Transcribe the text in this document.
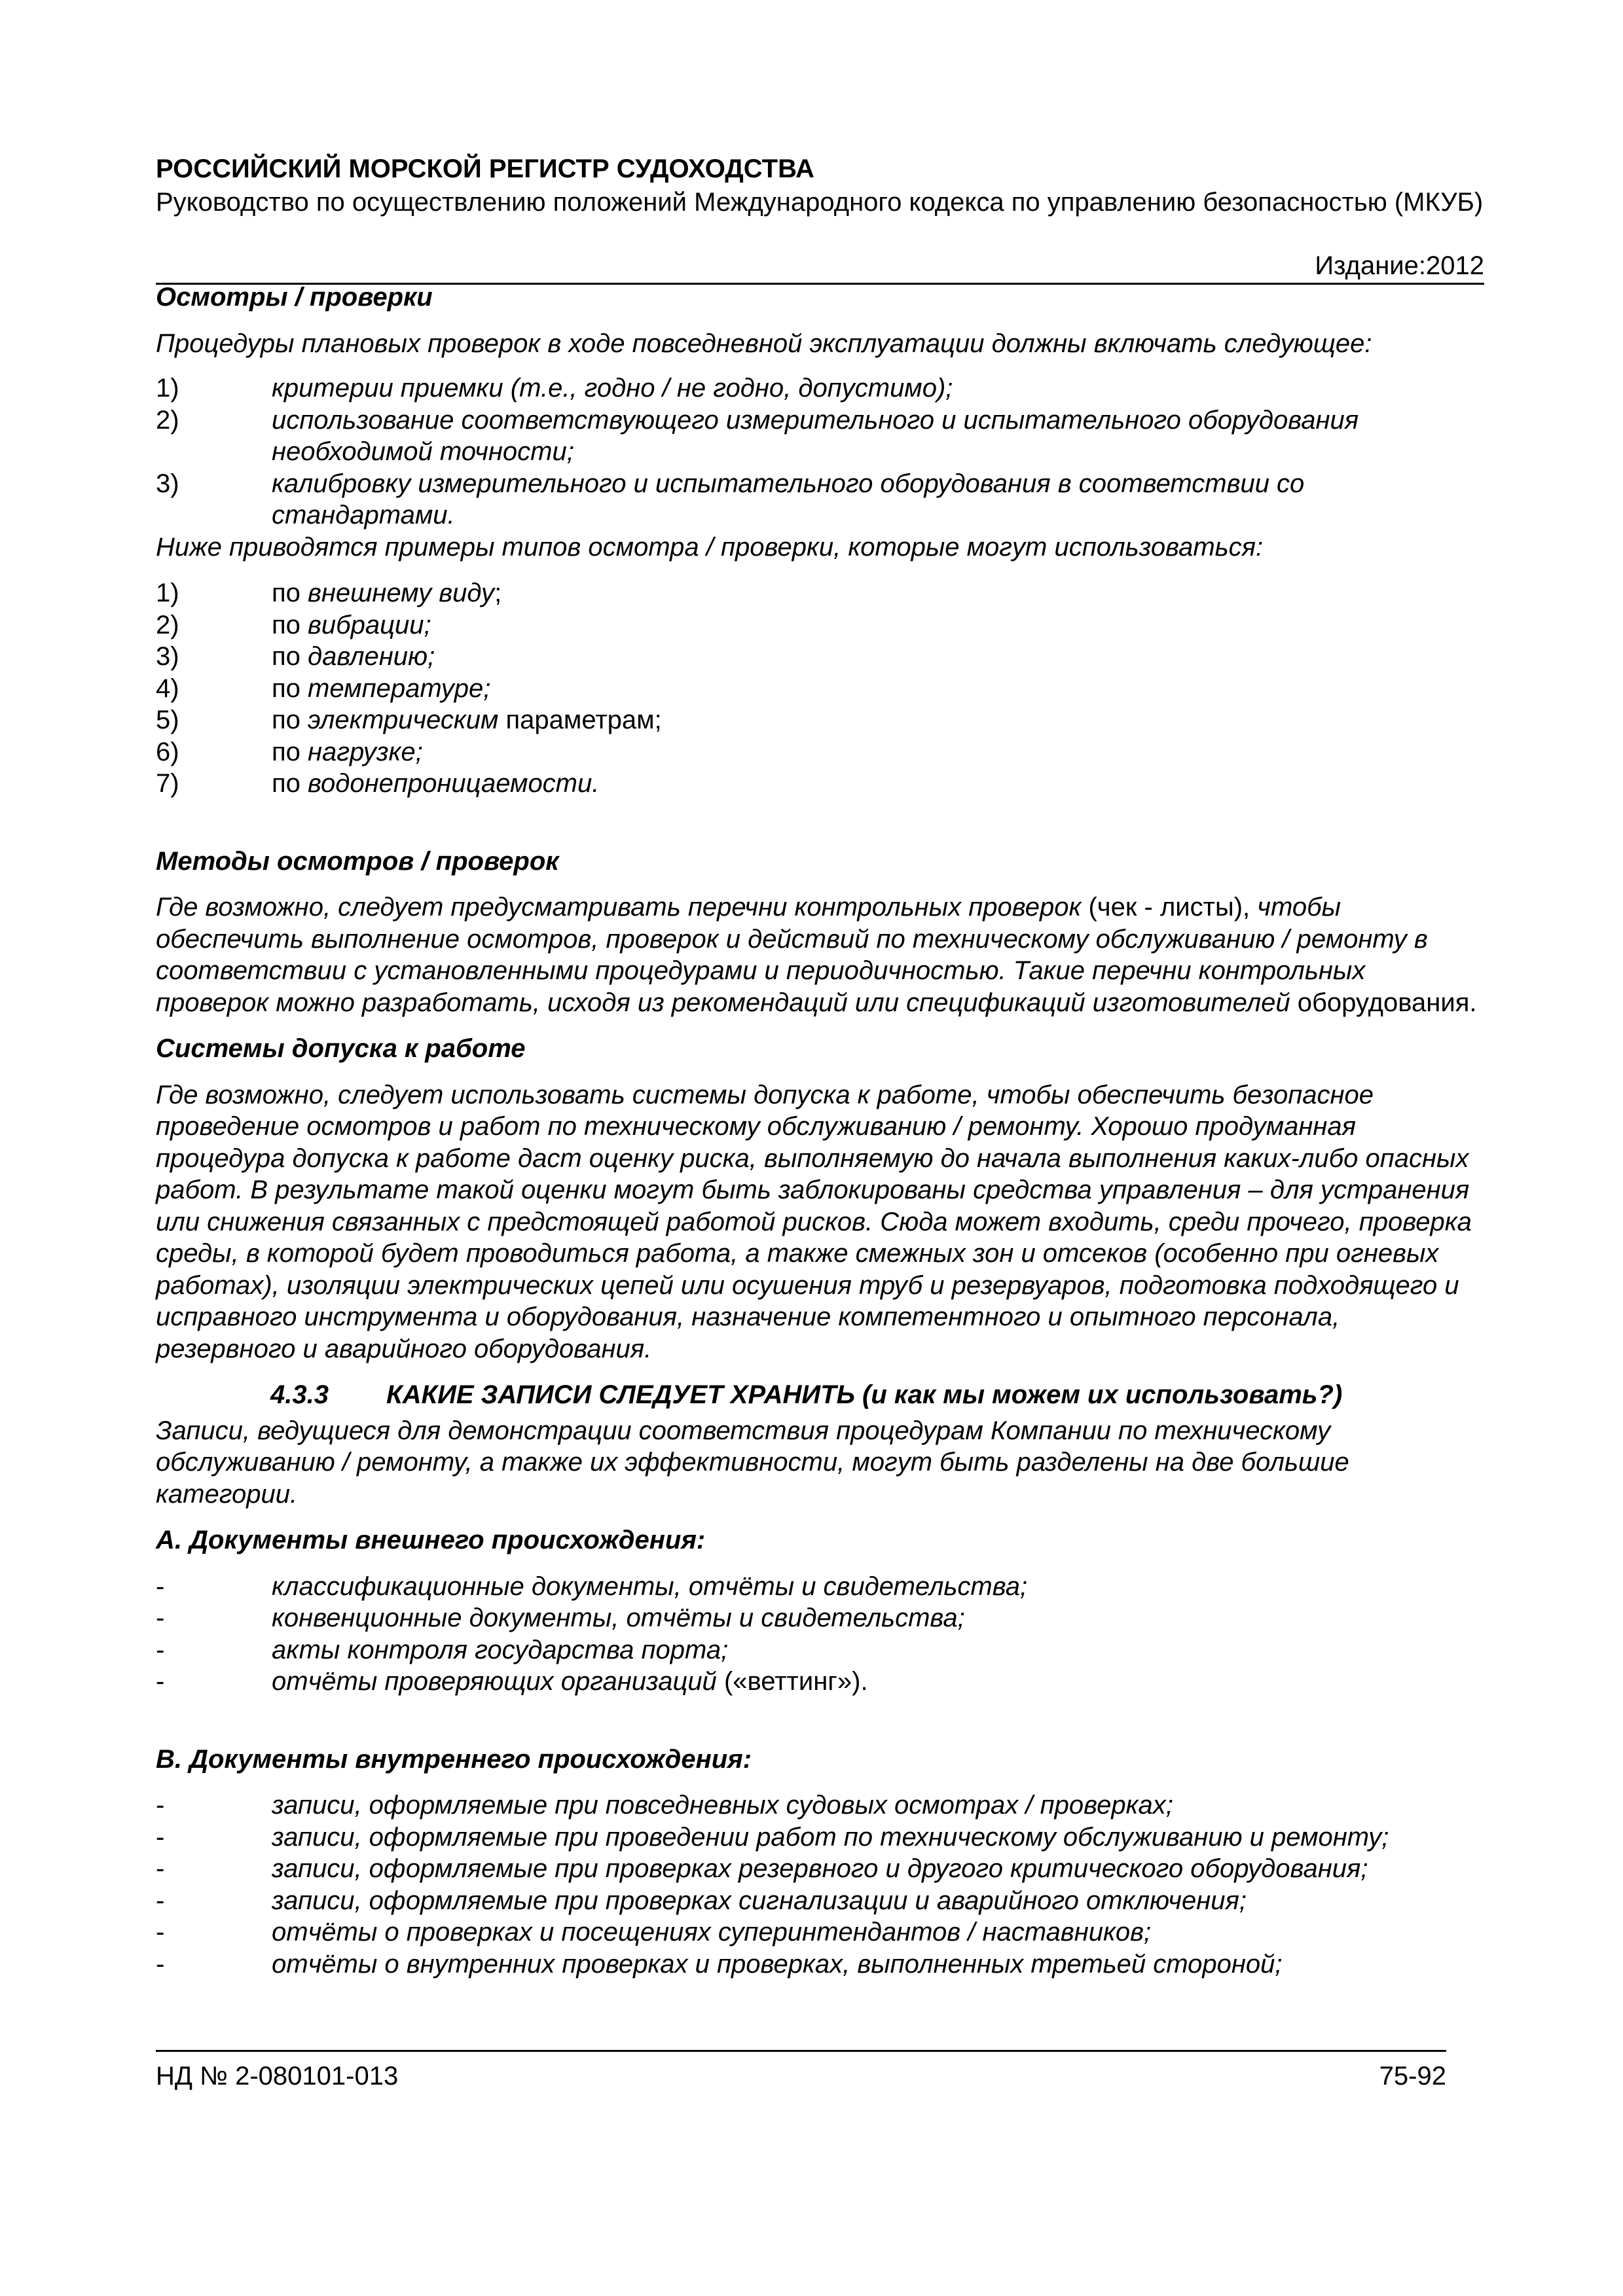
РОССИЙСКИЙ МОРСКОЙ РЕГИСТР СУДОХОДСТВА
Руководство по осуществлению положений Международного кодекса по управлению безопасностью (МКУБ)
Издание:2012

Осмотры / проверки

Процедуры плановых проверок в ходе повседневной эксплуатации должны включать следующее:

1)	критерии приемки (т.е., годно / не годно, допустимо);
2)	использование соответствующего измерительного и испытательного оборудования необходимой точности;
3)	калибровку измерительного и испытательного оборудования в соответствии со стандартами.

Ниже приводятся примеры типов осмотра / проверки, которые могут использоваться:

1)	по внешнему виду;
2)	по вибрации;
3)	по давлению;
4)	по температуре;
5)	по электрическим параметрам;
6)	по нагрузке;
7)	по водонепроницаемости.

Методы осмотров / проверок

Где возможно, следует предусматривать перечни контрольных проверок (чек - листы), чтобы обеспечить выполнение осмотров, проверок и действий по техническому обслуживанию / ремонту в соответствии с установленными процедурами и периодичностью. Такие перечни контрольных проверок можно разработать, исходя из рекомендаций или спецификаций изготовителей оборудования.

Системы допуска к работе

Где возможно, следует использовать системы допуска к работе, чтобы обеспечить безопасное проведение осмотров и работ по техническому обслуживанию / ремонту. Хорошо продуманная процедура допуска к работе даст оценку риска, выполняемую до начала выполнения каких-либо опасных работ. В результате такой оценки могут быть заблокированы средства управления – для устранения или снижения связанных с предстоящей работой рисков. Сюда может входить, среди прочего, проверка среды, в которой будет проводиться работа, а также смежных зон и отсеков (особенно при огневых работах), изоляции электрических цепей или осушения труб и резервуаров, подготовка подходящего и исправного инструмента и оборудования, назначение компетентного и опытного персонала, резервного и аварийного оборудования.

4.3.3	КАКИЕ ЗАПИСИ СЛЕДУЕТ ХРАНИТЬ (и как мы можем их использовать?)

Записи, ведущиеся для демонстрации соответствия процедурам Компании по техническому обслуживанию / ремонту, а также их эффективности, могут быть разделены на две большие категории.

А. Документы внешнего происхождения:

-	классификационные документы, отчёты и свидетельства;
-	конвенционные документы, отчёты и свидетельства;
-	акты контроля государства порта;
-	отчёты проверяющих организаций («веттинг»).

В. Документы внутреннего происхождения:

-	записи, оформляемые при повседневных судовых осмотрах / проверках;
-	записи, оформляемые при проведении работ по техническому обслуживанию и ремонту;
-	записи, оформляемые при проверках резервного и другого критического оборудования;
-	записи, оформляемые при проверках сигнализации и аварийного отключения;
-	отчёты о проверках и посещениях суперинтендантов / наставников;
-	отчёты о внутренних проверках и проверках, выполненных третьей стороной;
НД № 2-080101-013	75-92
